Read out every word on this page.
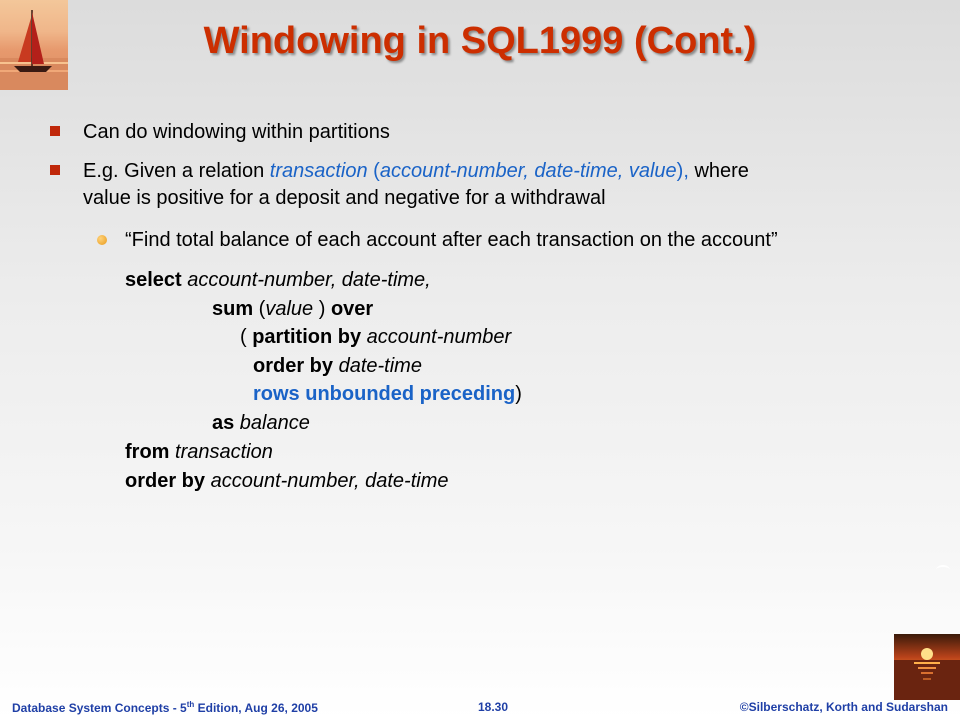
Windowing in SQL1999 (Cont.)
Can do windowing within partitions
E.g. Given a relation transaction (account-number, date-time, value), where
value is positive for a deposit and negative for a withdrawal
“Find total balance of each account after each transaction on the account”
select account-number, date-time,
sum (value ) over
( partition by account-number
order by date-time
rows unbounded preceding)
as balance
from transaction
order by account-number, date-time
Database System Concepts - 5th Edition, Aug 26, 2005	18.30	©Silberschatz, Korth and Sudarshan
